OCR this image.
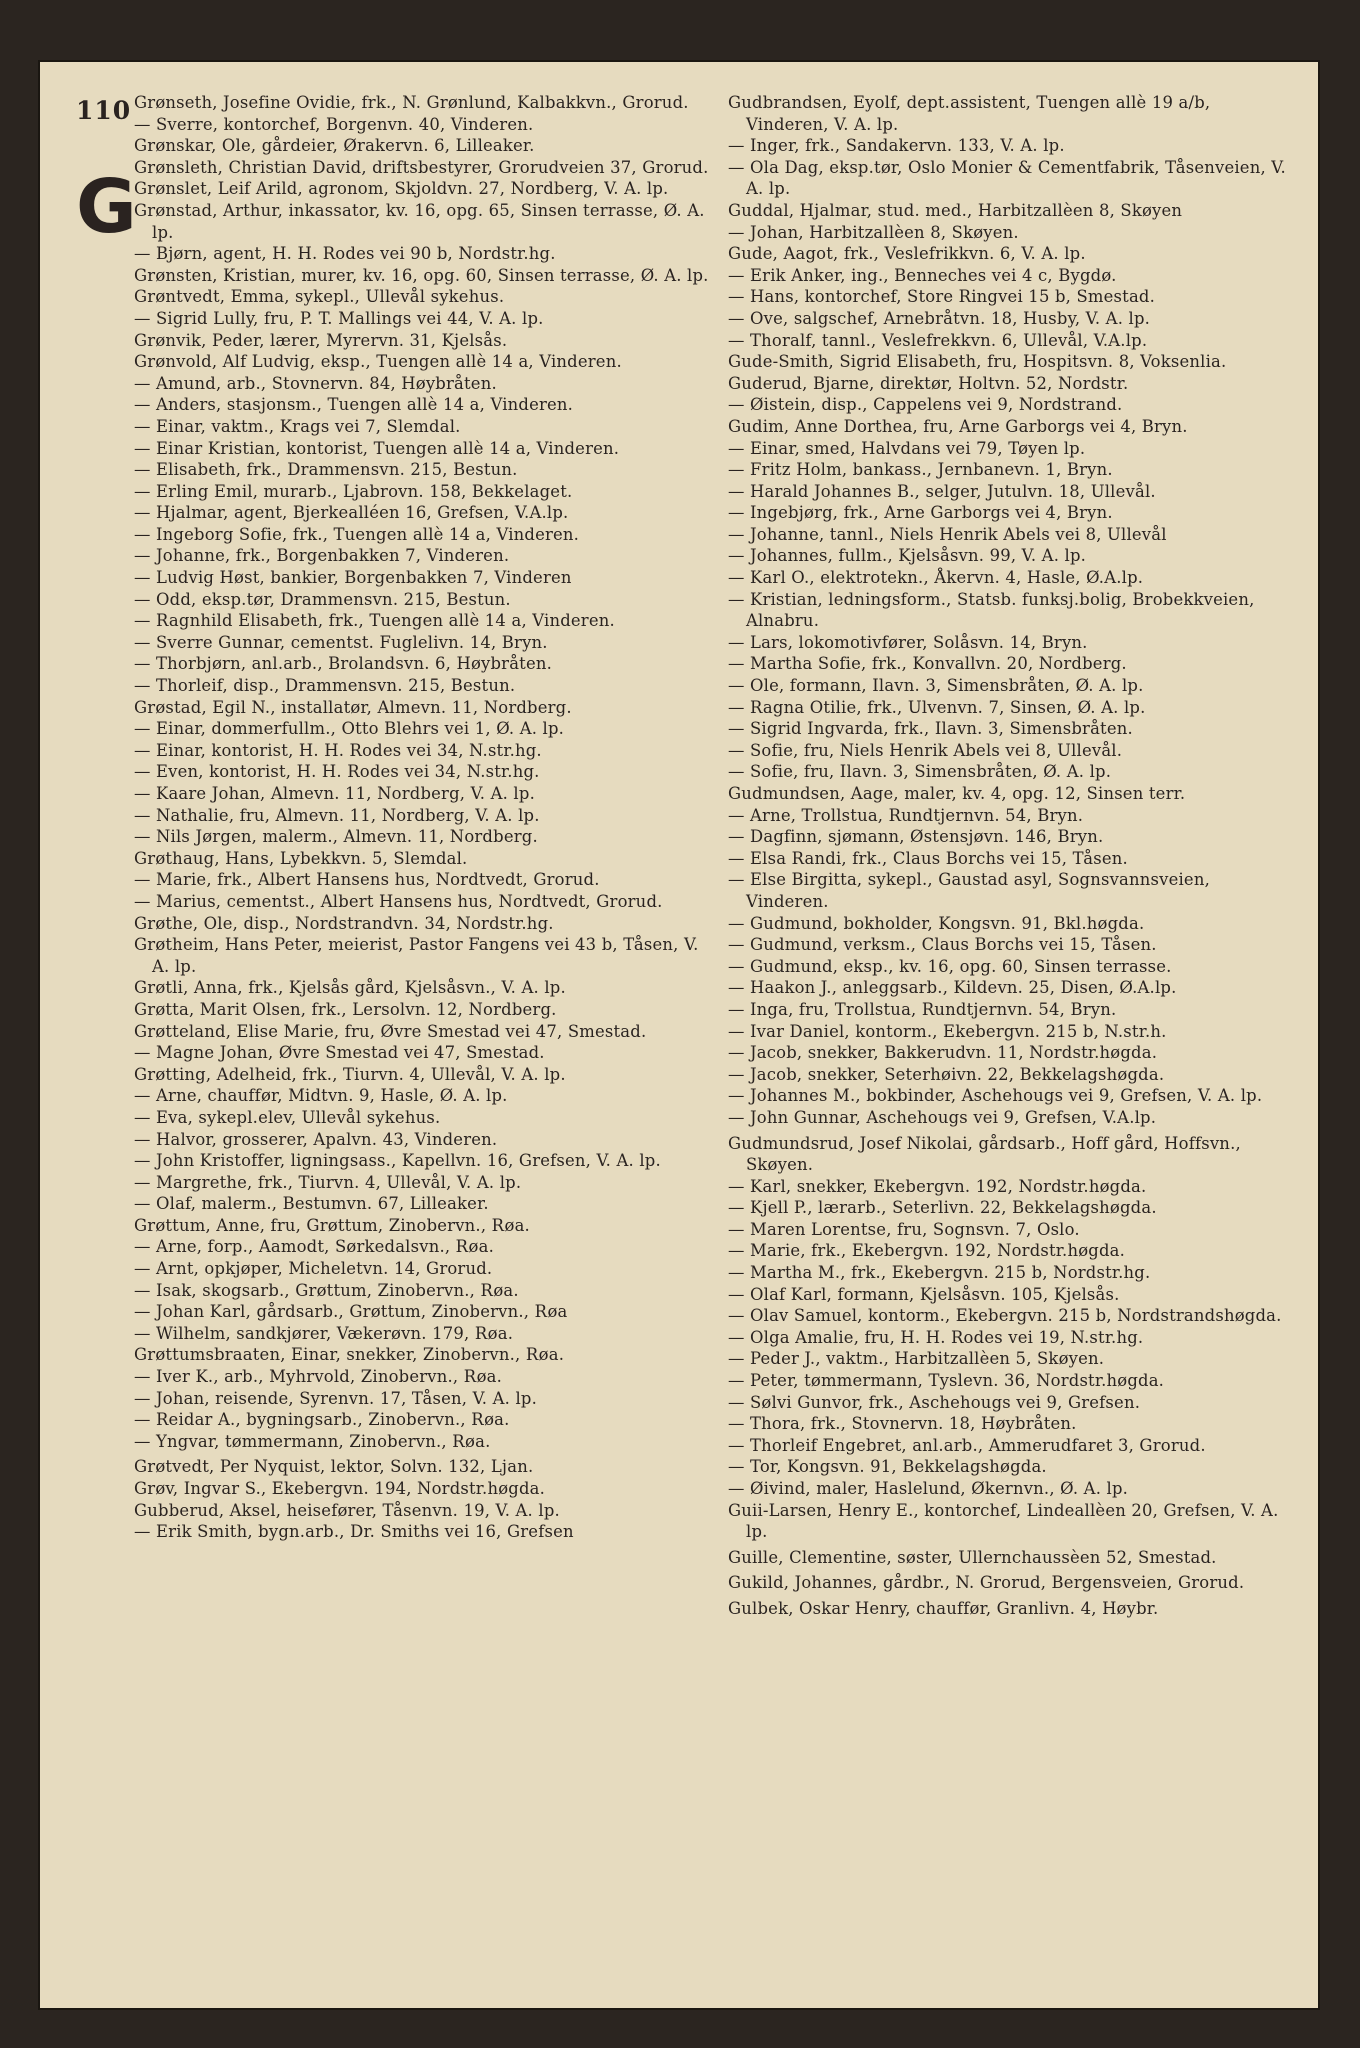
110
G
Grønseth, Josefine Ovidie, frk., N. Grønlund, Kalbakkvn., Grorud.
— Sverre, kontorchef, Borgenvn. 40, Vinderen.
Grønskar, Ole, gårdeier, Ørakervn. 6, Lilleaker.
Grønsleth, Christian David, driftsbestyrer, Grorudveien 37, Grorud.
Grønslet, Leif Arild, agronom, Skjoldvn. 27, Nordberg, V. A. lp.
Grønstad, Arthur, inkassator, kv. 16, opg. 65, Sinsen terrasse, Ø. A. lp.
— Bjørn, agent, H. H. Rodes vei 90 b, Nordstr.hg.
Grønsten, Kristian, murer, kv. 16, opg. 60, Sinsen terrasse, Ø. A. lp.
Grøntvedt, Emma, sykepl., Ullevål sykehus.
— Sigrid Lully, fru, P. T. Mallings vei 44, V. A. lp.
Grønvik, Peder, lærer, Myrervn. 31, Kjelsås.
Grønvold, Alf Ludvig, eksp., Tuengen allè 14 a, Vinderen.
— Amund, arb., Stovnervn. 84, Høybråten.
— Anders, stasjonsm., Tuengen allè 14 a, Vinderen.
— Einar, vaktm., Krags vei 7, Slemdal.
— Einar Kristian, kontorist, Tuengen allè 14 a, Vinderen.
— Elisabeth, frk., Drammensvn. 215, Bestun.
— Erling Emil, murarb., Ljabrovn. 158, Bekkelaget.
— Hjalmar, agent, Bjerkealléen 16, Grefsen, V.A.lp.
— Ingeborg Sofie, frk., Tuengen allè 14 a, Vinderen.
— Johanne, frk., Borgenbakken 7, Vinderen.
— Ludvig Høst, bankier, Borgenbakken 7, Vinderen
— Odd, eksp.tør, Drammensvn. 215, Bestun.
— Ragnhild Elisabeth, frk., Tuengen allè 14 a, Vinderen.
— Sverre Gunnar, cementst. Fuglelivn. 14, Bryn.
— Thorbjørn, anl.arb., Brolandsvn. 6, Høybråten.
— Thorleif, disp., Drammensvn. 215, Bestun.
Grøstad, Egil N., installatør, Almevn. 11, Nordberg.
— Einar, dommerfullm., Otto Blehrs vei 1, Ø. A. lp.
— Einar, kontorist, H. H. Rodes vei 34, N.str.hg.
— Even, kontorist, H. H. Rodes vei 34, N.str.hg.
— Kaare Johan, Almevn. 11, Nordberg, V. A. lp.
— Nathalie, fru, Almevn. 11, Nordberg, V. A. lp.
— Nils Jørgen, malerm., Almevn. 11, Nordberg.
Grøthaug, Hans, Lybekkvn. 5, Slemdal.
— Marie, frk., Albert Hansens hus, Nordtvedt, Grorud.
— Marius, cementst., Albert Hansens hus, Nordtvedt, Grorud.
Grøthe, Ole, disp., Nordstrandvn. 34, Nordstr.hg.
Grøtheim, Hans Peter, meierist, Pastor Fangens vei 43 b, Tåsen, V. A. lp.
Grøtli, Anna, frk., Kjelsås gård, Kjelsåsvn., V. A. lp.
Grøtta, Marit Olsen, frk., Lersolvn. 12, Nordberg.
Grøtteland, Elise Marie, fru, Øvre Smestad vei 47, Smestad.
— Magne Johan, Øvre Smestad vei 47, Smestad.
Grøtting, Adelheid, frk., Tiurvn. 4, Ullevål, V. A. lp.
— Arne, chauffør, Midtvn. 9, Hasle, Ø. A. lp.
— Eva, sykepl.elev, Ullevål sykehus.
— Halvor, grosserer, Apalvn. 43, Vinderen.
— John Kristoffer, ligningsass., Kapellvn. 16, Grefsen, V. A. lp.
— Margrethe, frk., Tiurvn. 4, Ullevål, V. A. lp.
— Olaf, malerm., Bestumvn. 67, Lilleaker.
Grøttum, Anne, fru, Grøttum, Zinobervn., Røa.
— Arne, forp., Aamodt, Sørkedalsvn., Røa.
— Arnt, opkjøper, Micheletvn. 14, Grorud.
— Isak, skogsarb., Grøttum, Zinobervn., Røa.
— Johan Karl, gårdsarb., Grøttum, Zinobervn., Røa
— Wilhelm, sandkjører, Vækerøvn. 179, Røa.
Grøttumsbraaten, Einar, snekker, Zinobervn., Røa.
— Iver K., arb., Myhrvold, Zinobervn., Røa.
— Johan, reisende, Syrenvn. 17, Tåsen, V. A. lp.
— Reidar A., bygningsarb., Zinobervn., Røa.
— Yngvar, tømmermann, Zinobervn., Røa.
Grøtvedt, Per Nyquist, lektor, Solvn. 132, Ljan.
Grøv, Ingvar S., Ekebergvn. 194, Nordstr.høgda.
Gubberud, Aksel, heisefører, Tåsenvn. 19, V. A. lp.
— Erik Smith, bygn.arb., Dr. Smiths vei 16, Grefsen
Gudbrandsen, Eyolf, dept.assistent, Tuengen allè 19 a/b, Vinderen, V. A. lp.
— Inger, frk., Sandakervn. 133, V. A. lp.
— Ola Dag, eksp.tør, Oslo Monier & Cementfabrik, Tåsenveien, V. A. lp.
Guddal, Hjalmar, stud. med., Harbitzallèen 8, Skøyen
— Johan, Harbitzallèen 8, Skøyen.
Gude, Aagot, frk., Veslefrikkvn. 6, V. A. lp.
— Erik Anker, ing., Benneches vei 4 c, Bygdø.
— Hans, kontorchef, Store Ringvei 15 b, Smestad.
— Ove, salgschef, Arnebråtvn. 18, Husby, V. A. lp.
— Thoralf, tannl., Veslefrekkvn. 6, Ullevål, V.A.lp.
Gude-Smith, Sigrid Elisabeth, fru, Hospitsvn. 8, Voksenlia.
Guderud, Bjarne, direktør, Holtvn. 52, Nordstr.
— Øistein, disp., Cappelens vei 9, Nordstrand.
Gudim, Anne Dorthea, fru, Arne Garborgs vei 4, Bryn.
— Einar, smed, Halvdans vei 79, Tøyen lp.
— Fritz Holm, bankass., Jernbanevn. 1, Bryn.
— Harald Johannes B., selger, Jutulvn. 18, Ullevål.
— Ingebjørg, frk., Arne Garborgs vei 4, Bryn.
— Johanne, tannl., Niels Henrik Abels vei 8, Ullevål
— Johannes, fullm., Kjelsåsvn. 99, V. A. lp.
— Karl O., elektrotekn., Åkervn. 4, Hasle, Ø.A.lp.
— Kristian, ledningsform., Statsb. funksj.bolig, Brobekkveien, Alnabru.
— Lars, lokomotivfører, Solåsvn. 14, Bryn.
— Martha Sofie, frk., Konvallvn. 20, Nordberg.
— Ole, formann, Ilavn. 3, Simensbråten, Ø. A. lp.
— Ragna Otilie, frk., Ulvenvn. 7, Sinsen, Ø. A. lp.
— Sigrid Ingvarda, frk., Ilavn. 3, Simensbråten.
— Sofie, fru, Niels Henrik Abels vei 8, Ullevål.
— Sofie, fru, Ilavn. 3, Simensbråten, Ø. A. lp.
Gudmundsen, Aage, maler, kv. 4, opg. 12, Sinsen terr.
— Arne, Trollstua, Rundtjernvn. 54, Bryn.
— Dagfinn, sjømann, Østensjøvn. 146, Bryn.
— Elsa Randi, frk., Claus Borchs vei 15, Tåsen.
— Else Birgitta, sykepl., Gaustad asyl, Sognsvannsveien, Vinderen.
— Gudmund, bokholder, Kongsvn. 91, Bkl.høgda.
— Gudmund, verksm., Claus Borchs vei 15, Tåsen.
— Gudmund, eksp., kv. 16, opg. 60, Sinsen terrasse.
— Haakon J., anleggsarb., Kildevn. 25, Disen, Ø.A.lp.
— Inga, fru, Trollstua, Rundtjernvn. 54, Bryn.
— Ivar Daniel, kontorm., Ekebergvn. 215 b, N.str.h.
— Jacob, snekker, Bakkerudvn. 11, Nordstr.høgda.
— Jacob, snekker, Seterhøivn. 22, Bekkelagshøgda.
— Johannes M., bokbinder, Aschehougs vei 9, Grefsen, V. A. lp.
— John Gunnar, Aschehougs vei 9, Grefsen, V.A.lp.
Gudmundsrud, Josef Nikolai, gårdsarb., Hoff gård, Hoffsvn., Skøyen.
— Karl, snekker, Ekebergvn. 192, Nordstr.høgda.
— Kjell P., lærarb., Seterlivn. 22, Bekkelagshøgda.
— Maren Lorentse, fru, Sognsvn. 7, Oslo.
— Marie, frk., Ekebergvn. 192, Nordstr.høgda.
— Martha M., frk., Ekebergvn. 215 b, Nordstr.hg.
— Olaf Karl, formann, Kjelsåsvn. 105, Kjelsås.
— Olav Samuel, kontorm., Ekebergvn. 215 b, Nordstrandshøgda.
— Olga Amalie, fru, H. H. Rodes vei 19, N.str.hg.
— Peder J., vaktm., Harbitzallèen 5, Skøyen.
— Peter, tømmermann, Tyslevn. 36, Nordstr.høgda.
— Sølvi Gunvor, frk., Aschehougs vei 9, Grefsen.
— Thora, frk., Stovnervn. 18, Høybråten.
— Thorleif Engebret, anl.arb., Ammerudfaret 3, Grorud.
— Tor, Kongsvn. 91, Bekkelagshøgda.
— Øivind, maler, Haslelund, Økernvn., Ø. A. lp.
Guii-Larsen, Henry E., kontorchef, Lindeallèen 20, Grefsen, V. A. lp.
Guille, Clementine, søster, Ullernchaussèen 52, Smestad.
Gukild, Johannes, gårdbr., N. Grorud, Bergensveien, Grorud.
Gulbek, Oskar Henry, chauffør, Granlivn. 4, Høybr.
